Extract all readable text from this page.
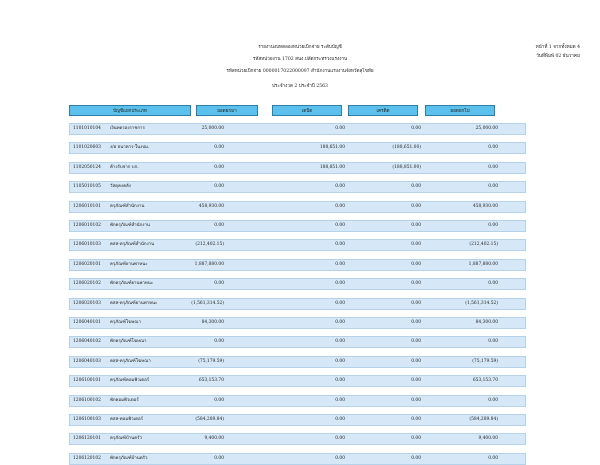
รายงานงบทดลองหน่วยเบิกจ่าย ระดับบัญชี
รหัสหน่วยงาน 1702 สนง.ปลัดกระทรวงแรงงาน
รหัสหน่วยเบิกจ่าย 0000017022000097 สำนักงานแรงงานจังหวัดสุโขทัย
ประจำงวด 2 ประจำปี 2563
หน้าที่ 1 จากทั้งหมด 4
วันที่พิมพ์ 02 ธันวาคม
บัญชีแยกประเภท	ยอดยกมา	เดบิต	เครดิต	ยอดยกไป
1101010104 เงินทดรองราชการ	25,000.00	0.00	0.00	25,000.00
1101020603 ง/ฝ ธนาคาร-ในงปม.	0.00	188,651.00	(188,651.00)	0.00
1102050124 ค้างรับจาก บก.	0.00	188,851.00	(188,851.00)	0.00
1105010105 วัสดุคงคลัง	0.00	0.00	0.00	0.00
1206010101 ครุภัณฑ์สำนักงาน	458,930.00	0.00	0.00	458,930.00
1206010102 พักครุภัณฑ์สำนักงาน	0.00	0.00	0.00	0.00
1206010103 คสส-ครุภัณฑ์สำนักงาน	(212,402.15)	0.00	0.00	(212,402.15)
1206020101 ครุภัณฑ์ยานพาหนะ	1,887,880.00	0.00	0.00	1,887,880.00
1206020102 พักครุภัณฑ์ยานพาหนะ	0.00	0.00	0.00	0.00
1206020103 คสส-ครุภัณฑ์ยานพาหนะ	(1,561,314.52)	0.00	0.00	(1,561,314.52)
1206040101 ครุภัณฑ์โฆษณา	84,300.00	0.00	0.00	84,300.00
1206040102 พักครุภัณฑ์โฆษณา	0.00	0.00	0.00	0.00
1206040103 คสส-ครุภัณฑ์โฆษณา	(75,179.59)	0.00	0.00	(75,179.59)
1206100101 ครุภัณฑ์คอมพิวเตอร์	653,153.70	0.00	0.00	653,153.70
1206100102 พักคอมพิวเตอร์	0.00	0.00	0.00	0.00
1206100103 คสส-คอมพิวเตอร์	(584,289.84)	0.00	0.00	(584,289.84)
1206120101 ครุภัณฑ์บ้านครัว	9,400.00	0.00	0.00	9,400.00
1206120102 พักครุภัณฑ์บ้านครัว	0.00	0.00	0.00	0.00
